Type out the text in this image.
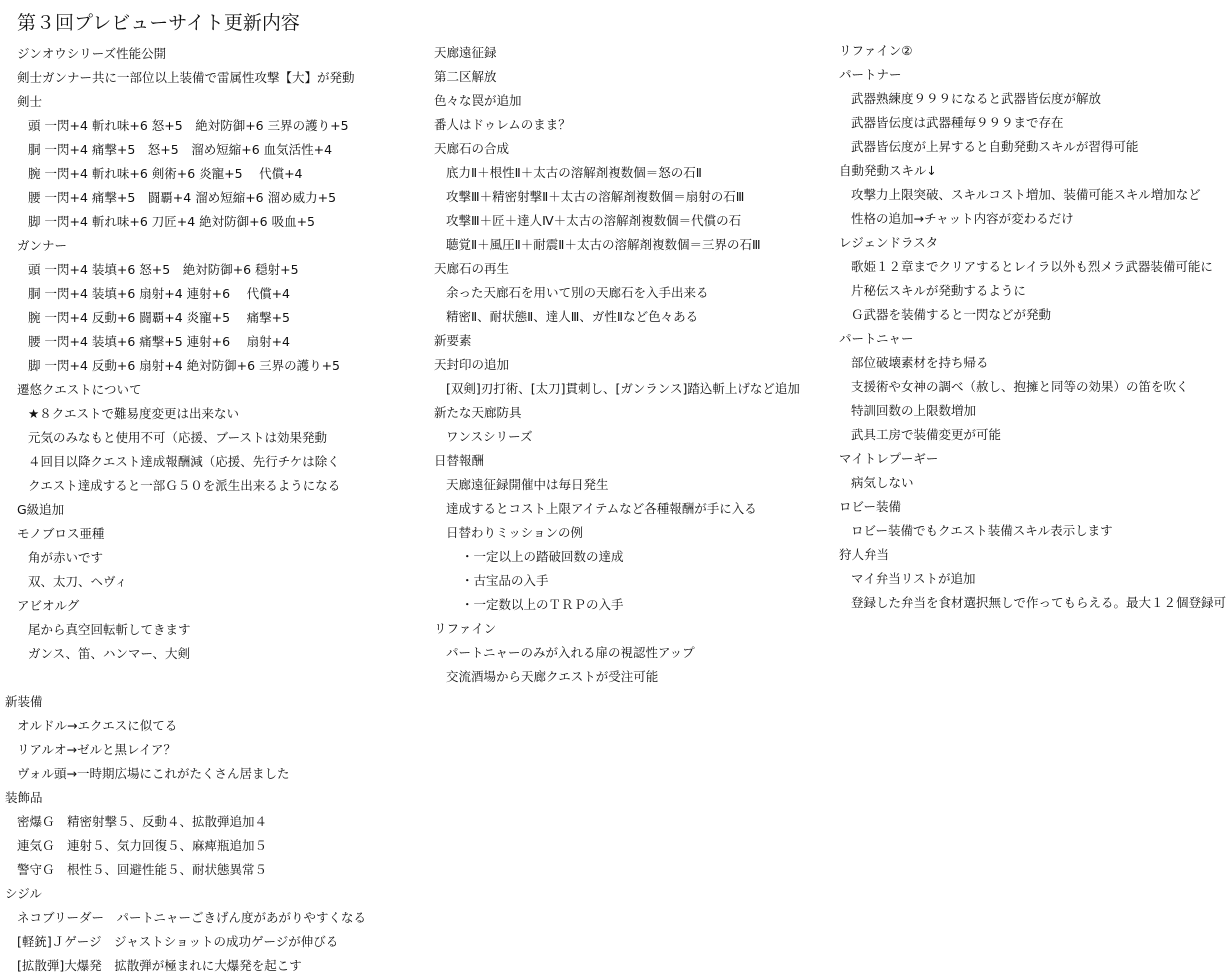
第３回プレビューサイト更新内容
ジンオウシリーズ性能公開
剣士ガンナー共に一部位以上装備で雷属性攻撃【大】が発動
剣士
頭 一閃+4 斬れ味+6 怒+5　絶対防御+6 三界の護り+5
胴 一閃+4 痛撃+5　怒+5　溜め短縮+6 血気活性+4
腕 一閃+4 斬れ味+6 剣術+6 炎寵+5　 代償+4
腰 一閃+4 痛撃+5　闘覇+4 溜め短縮+6 溜め威力+5
脚 一閃+4 斬れ味+6 刀匠+4 絶対防御+6 吸血+5
ガンナー
頭 一閃+4 装填+6 怒+5　絶対防御+6 穏射+5
胴 一閃+4 装填+6 扇射+4 連射+6　 代償+4
腕 一閃+4 反動+6 闘覇+4 炎寵+5　 痛撃+5
腰 一閃+4 装填+6 痛撃+5 連射+6　 扇射+4
脚 一閃+4 反動+6 扇射+4 絶対防御+6 三界の護り+5
遷悠クエストについて
★８クエストで難易度変更は出来ない
元気のみなもと使用不可（応援、ブーストは効果発動
４回目以降クエスト達成報酬減（応援、先行チケは除く
クエスト達成すると一部Ｇ５０を派生出来るようになる
G級追加
モノブロス亜種
角が赤いです
双、太刀、ヘヴィ
アビオルグ
尾から真空回転斬してきます
ガンス、笛、ハンマー、大剣
新装備
オルドル→エクエスに似てる
リアルオ→ゼルと黒レイア？
ヴォル頭→一時期広場にこれがたくさん居ました
装飾品
密爆Ｇ　精密射撃５、反動４、拡散弾追加４
連気Ｇ　連射５、気力回復５、麻痺瓶追加５
警守Ｇ　根性５、回避性能５、耐状態異常５
シジル
ネコブリーダー　パートニャーごきげん度があがりやすくなる
[軽銃]Ｊゲージ　ジャストショットの成功ゲージが伸びる
[拡散弾]大爆発　拡散弾が極まれに大爆発を起こす
天廊遠征録
第二区解放
色々な罠が追加
番人はドゥレムのまま？
天廊石の合成
底力Ⅱ＋根性Ⅱ＋太古の溶解剤複数個＝怒の石Ⅱ
攻撃Ⅲ＋精密射撃Ⅱ＋太古の溶解剤複数個＝扇射の石Ⅲ
攻撃Ⅲ＋匠＋達人Ⅳ＋太古の溶解剤複数個＝代償の石
聴覚Ⅱ＋風圧Ⅱ＋耐震Ⅱ＋太古の溶解剤複数個＝三界の石Ⅲ
天廊石の再生
余った天廊石を用いて別の天廊石を入手出来る
精密Ⅱ、耐状態Ⅱ、達人Ⅲ、ガ性Ⅱなど色々ある
新要素
天封印の追加
[双剣]刃打術、[太刀]貫刺し、[ガンランス]踏込斬上げなど追加
新たな天廊防具
ワンスシリーズ
日替報酬
天廊遠征録開催中は毎日発生
達成するとコスト上限アイテムなど各種報酬が手に入る
日替わりミッションの例
・一定以上の踏破回数の達成
・古宝品の入手
・一定数以上のＴＲＰの入手
リファイン
パートニャーのみが入れる扉の視認性アップ
交流酒場から天廊クエストが受注可能
リファイン②
パートナー
武器熟練度９９９になると武器皆伝度が解放
武器皆伝度は武器種毎９９９まで存在
武器皆伝度が上昇すると自動発動スキルが習得可能
自動発動スキル↓
攻撃力上限突破、スキルコスト増加、装備可能スキル増加など
性格の追加→チャット内容が変わるだけ
レジェンドラスタ
歌姫１２章までクリアするとレイラ以外も烈メラ武器装備可能に
片秘伝スキルが発動するように
Ｇ武器を装備すると一閃などが発動
パートニャー
部位破壊素材を持ち帰る
支援術や女神の調べ（赦し、抱擁と同等の効果）の笛を吹く
特訓回数の上限数増加
武具工房で装備変更が可能
マイトレプーギー
病気しない
ロビー装備
ロビー装備でもクエスト装備スキル表示します
狩人弁当
マイ弁当リストが追加
登録した弁当を食材選択無しで作ってもらえる。最大１２個登録可
